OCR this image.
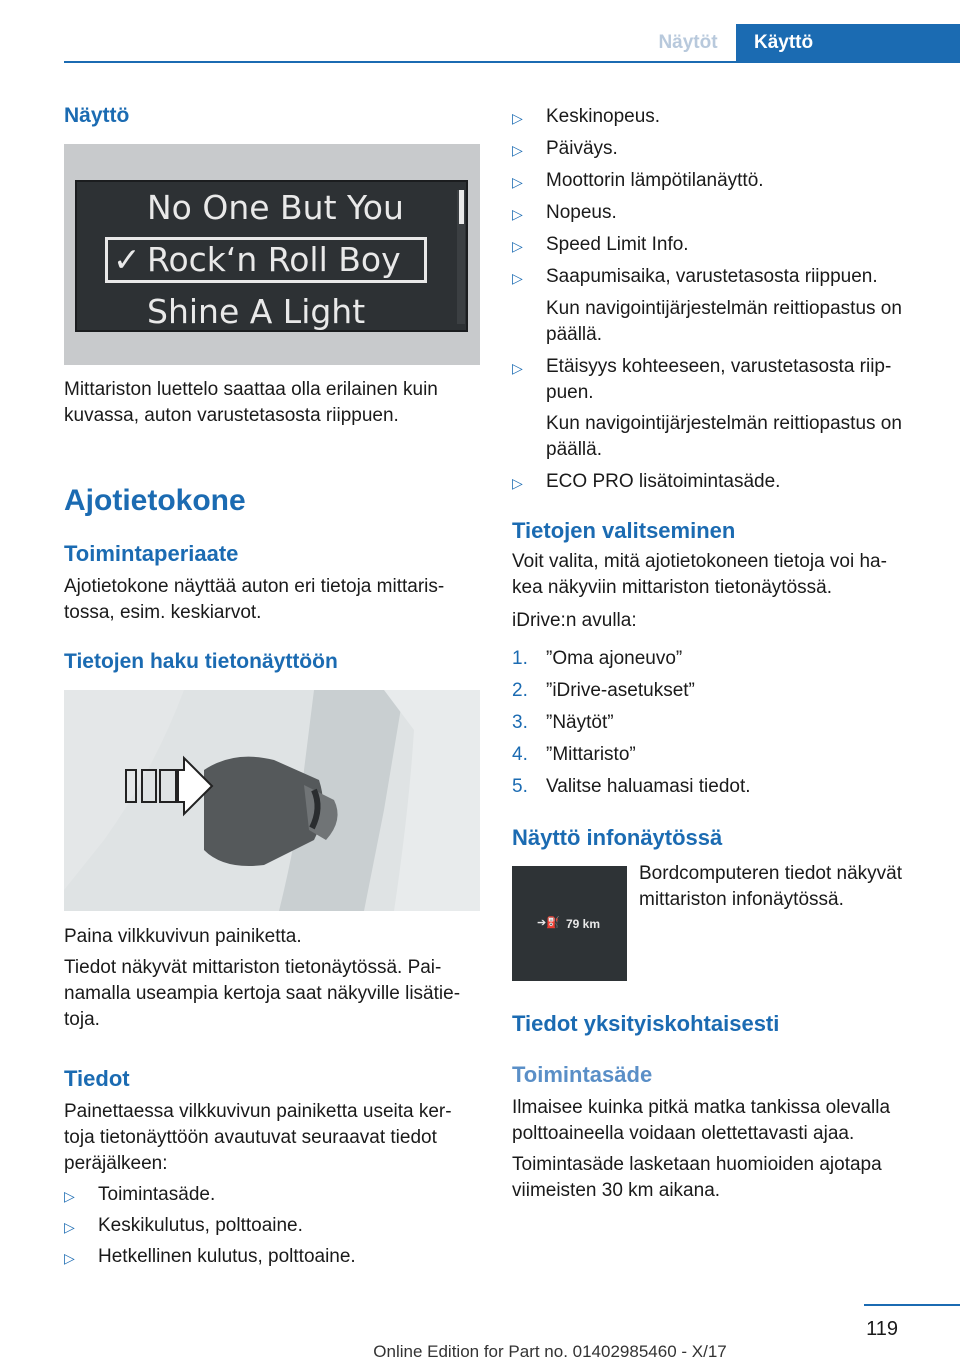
Näytöt	Käyttö
Näyttö
No One But You
✓ Rock‘n Roll Boy
Shine A Light
Mittariston luettelo saattaa olla erilainen kuin
kuvassa, auton varustetasosta riippuen.
Ajotietokone
Toimintaperiaate
Ajotietokone näyttää auton eri tietoja mittaris‐
tossa, esim. keskiarvot.
Tietojen haku tietonäyttöön
Paina vilkkuvivun painiketta.
Tiedot näkyvät mittariston tietonäytössä. Pai‐
namalla useampia kertoja saat näkyville lisätie‐
toja.
Tiedot
Painettaessa vilkkuvivun painiketta useita ker‐
toja tietonäyttöön avautuvat seuraavat tiedot
peräjälkeen:
▷ Toimintasäde.
▷ Keskikulutus, polttoaine.
▷ Hetkellinen kulutus, polttoaine.
▷ Keskinopeus.
▷ Päiväys.
▷ Moottorin lämpötilanäyttö.
▷ Nopeus.
▷ Speed Limit Info.
▷ Saapumisaika, varustetasosta riippuen.
Kun navigointijärjestelmän reittiopastus on
päällä.
▷ Etäisyys kohteeseen, varustetasosta riip‐
puen.
Kun navigointijärjestelmän reittiopastus on
päällä.
▷ ECO PRO lisätoimintasäde.
Tietojen valitseminen
Voit valita, mitä ajotietokoneen tietoja voi ha‐
kea näkyviin mittariston tietonäytössä.
iDrive:n avulla:
1. ”Oma ajoneuvo”
2. ”iDrive-asetukset”
3. ”Näytöt”
4. ”Mittaristo”
5. Valitse haluamasi tiedot.
Näyttö infonäytössä
Bordcomputeren tiedot näkyvät
mittariston infonäytössä.
➔⛽ 79 km
Tiedot yksityiskohtaisesti
Toimintasäde
Ilmaisee kuinka pitkä matka tankissa olevalla
polttoaineella voidaan olettettavasti ajaa.
Toimintasäde lasketaan huomioiden ajotapa
viimeisten 30 km aikana.
119
Online Edition for Part no. 01402985460 - X/17
